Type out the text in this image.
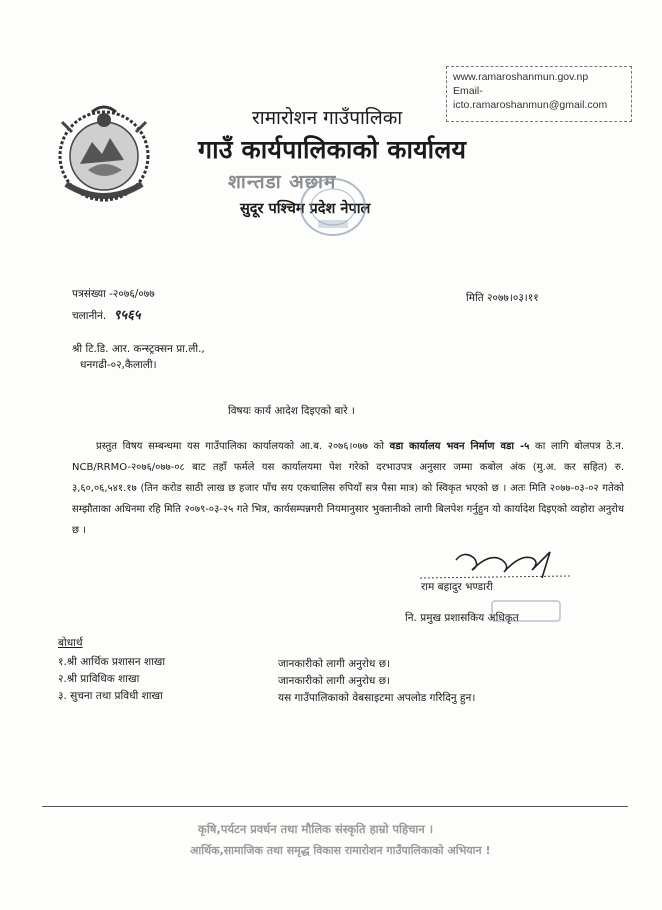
www.ramaroshanmun.gov.np
Email-
icto.ramaroshanmun@gmail.com
रामारोशन गाउँपालिका
गाउँ कार्यपालिकाको कार्यालय
शान्तडा अछाम
सुदूर पश्चिम प्रदेश नेपाल
पत्रसंख्या -२०७६/०७७
चलानीनं. ९५६५
मिति २०७७।०३।११
श्री टि.डि. आर. कन्स्ट्रक्सन प्रा.ली.,
धनगढी-०२,कैलाली।
विषयः कार्य आदेश दिइएको बारे ।
प्रस्तुत विषय सम्बन्धमा यस गाउँपालिका कार्यालयको आ.ब. २०७६।०७७ को वडा कार्यालय भवन निर्माण वडा -५ का लागि बोलपत्र ठे.न. NCB/RRMO-२०७६/०७७-०८ बाट तहाँ फर्मले यस कार्यालयमा पेश गरेको दरभाउपत्र अनुसार जम्मा कबोल अंक (मु.अ. कर सहित) रु. ३,६०,०६,५४१.१७ (तिन करोड साठी लाख छ हजार पाँच सय एकचालिस रुपियाँ सत्र पैसा मात्र) को स्विकृत भएको छ । अतः मिति २०७७-०३-०२ गतेको सम्झौताका अधिनमा रहि मिति २०७९-०३-२५ गते भित्र, कार्यसम्पन्नगरी नियमानुसार भुक्तानीको लागी बिलपेश गर्नुहुन यो कार्यादेश दिइएको व्यहोरा अनुरोध छ ।
राम बहादुर भण्डारी
नि. प्रमुख प्रशासकिय अधिकृत
बोधार्थ
१.श्री आर्थिक प्रशासन शाखा	जानकारीको लागी अनुरोध छ।
२.श्री प्राविधिक शाखा	जानकारीको लागी अनुरोध छ।
३. सुचना तथा प्रविधी शाखा	यस गाउँपालिकाको वेबसाइटमा अपलोड गरिदिनु हुन।
कृषि,पर्यटन प्रवर्धन तथा मौलिक संस्कृति हाम्रो पहिचान ।
आर्थिक,सामाजिक तथा समृद्ध विकास रामारोशन गाउँपालिकाको अभियान !
